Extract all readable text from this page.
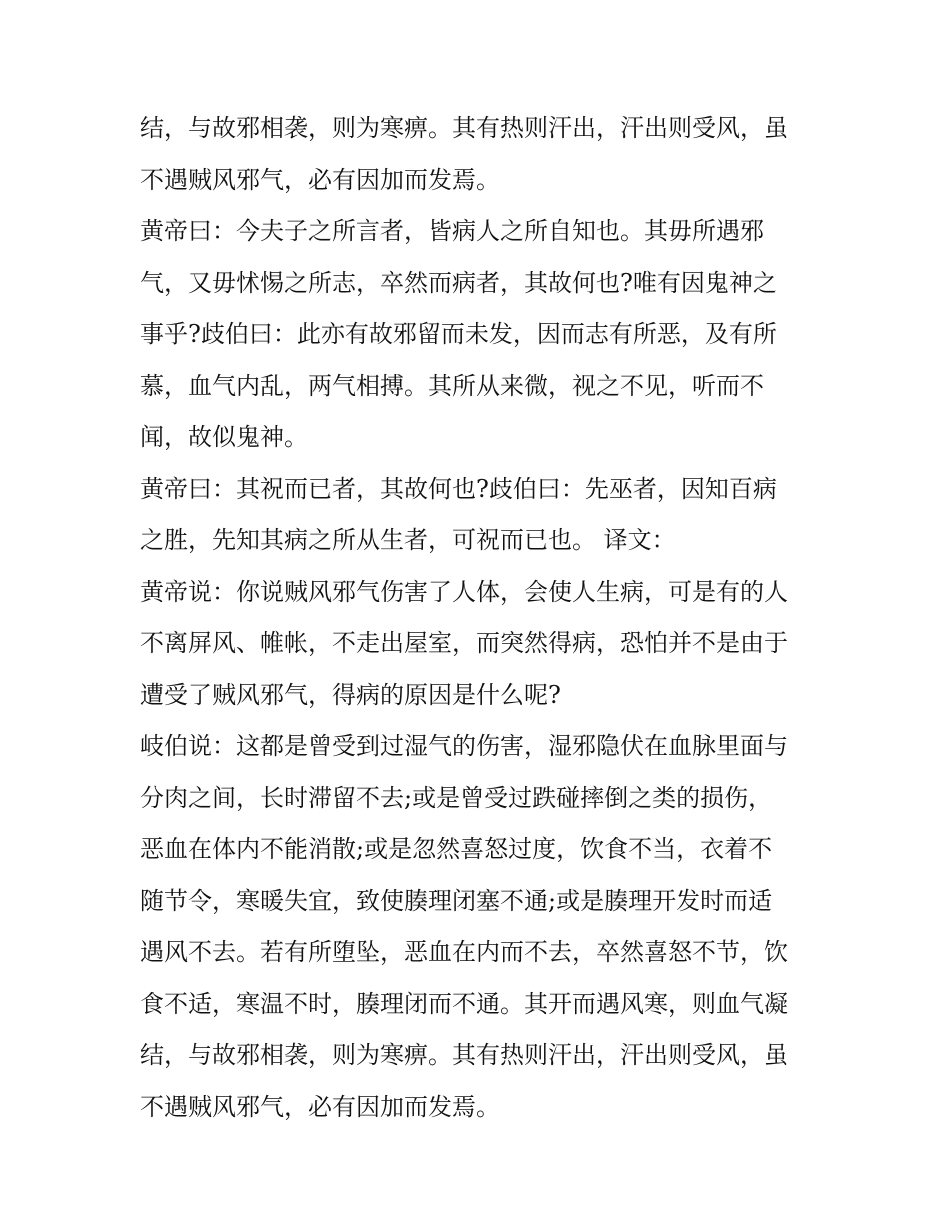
结，与故邪相袭，则为寒痹。其有热则汗出，汗出则受风，虽
不遇贼风邪气，必有因加而发焉。
黄帝曰：今夫子之所言者，皆病人之所自知也。其毋所遇邪
气，又毋怵惕之所志，卒然而病者，其故何也?唯有因鬼神之
事乎?歧伯曰：此亦有故邪留而未发，因而志有所恶，及有所
慕，血气内乱，两气相搏。其所从来微，视之不见，听而不
闻，故似鬼神。
黄帝曰：其祝而已者，其故何也?歧伯曰：先巫者，因知百病
之胜，先知其病之所从生者，可祝而已也。 译文：
黄帝说：你说贼风邪气伤害了人体，会使人生病，可是有的人
不离屏风、帷帐，不走出屋室，而突然得病，恐怕并不是由于
遭受了贼风邪气，得病的原因是什么呢?
岐伯说：这都是曾受到过湿气的伤害，湿邪隐伏在血脉里面与
分肉之间，长时滞留不去;或是曾受过跌碰摔倒之类的损伤，
恶血在体内不能消散;或是忽然喜怒过度，饮食不当，衣着不
随节令，寒暖失宜，致使腠理闭塞不通;或是腠理开发时而适
遇风不去。若有所堕坠，恶血在内而不去，卒然喜怒不节，饮
食不适，寒温不时，腠理闭而不通。其开而遇风寒，则血气凝
结，与故邪相袭，则为寒痹。其有热则汗出，汗出则受风，虽
不遇贼风邪气，必有因加而发焉。
